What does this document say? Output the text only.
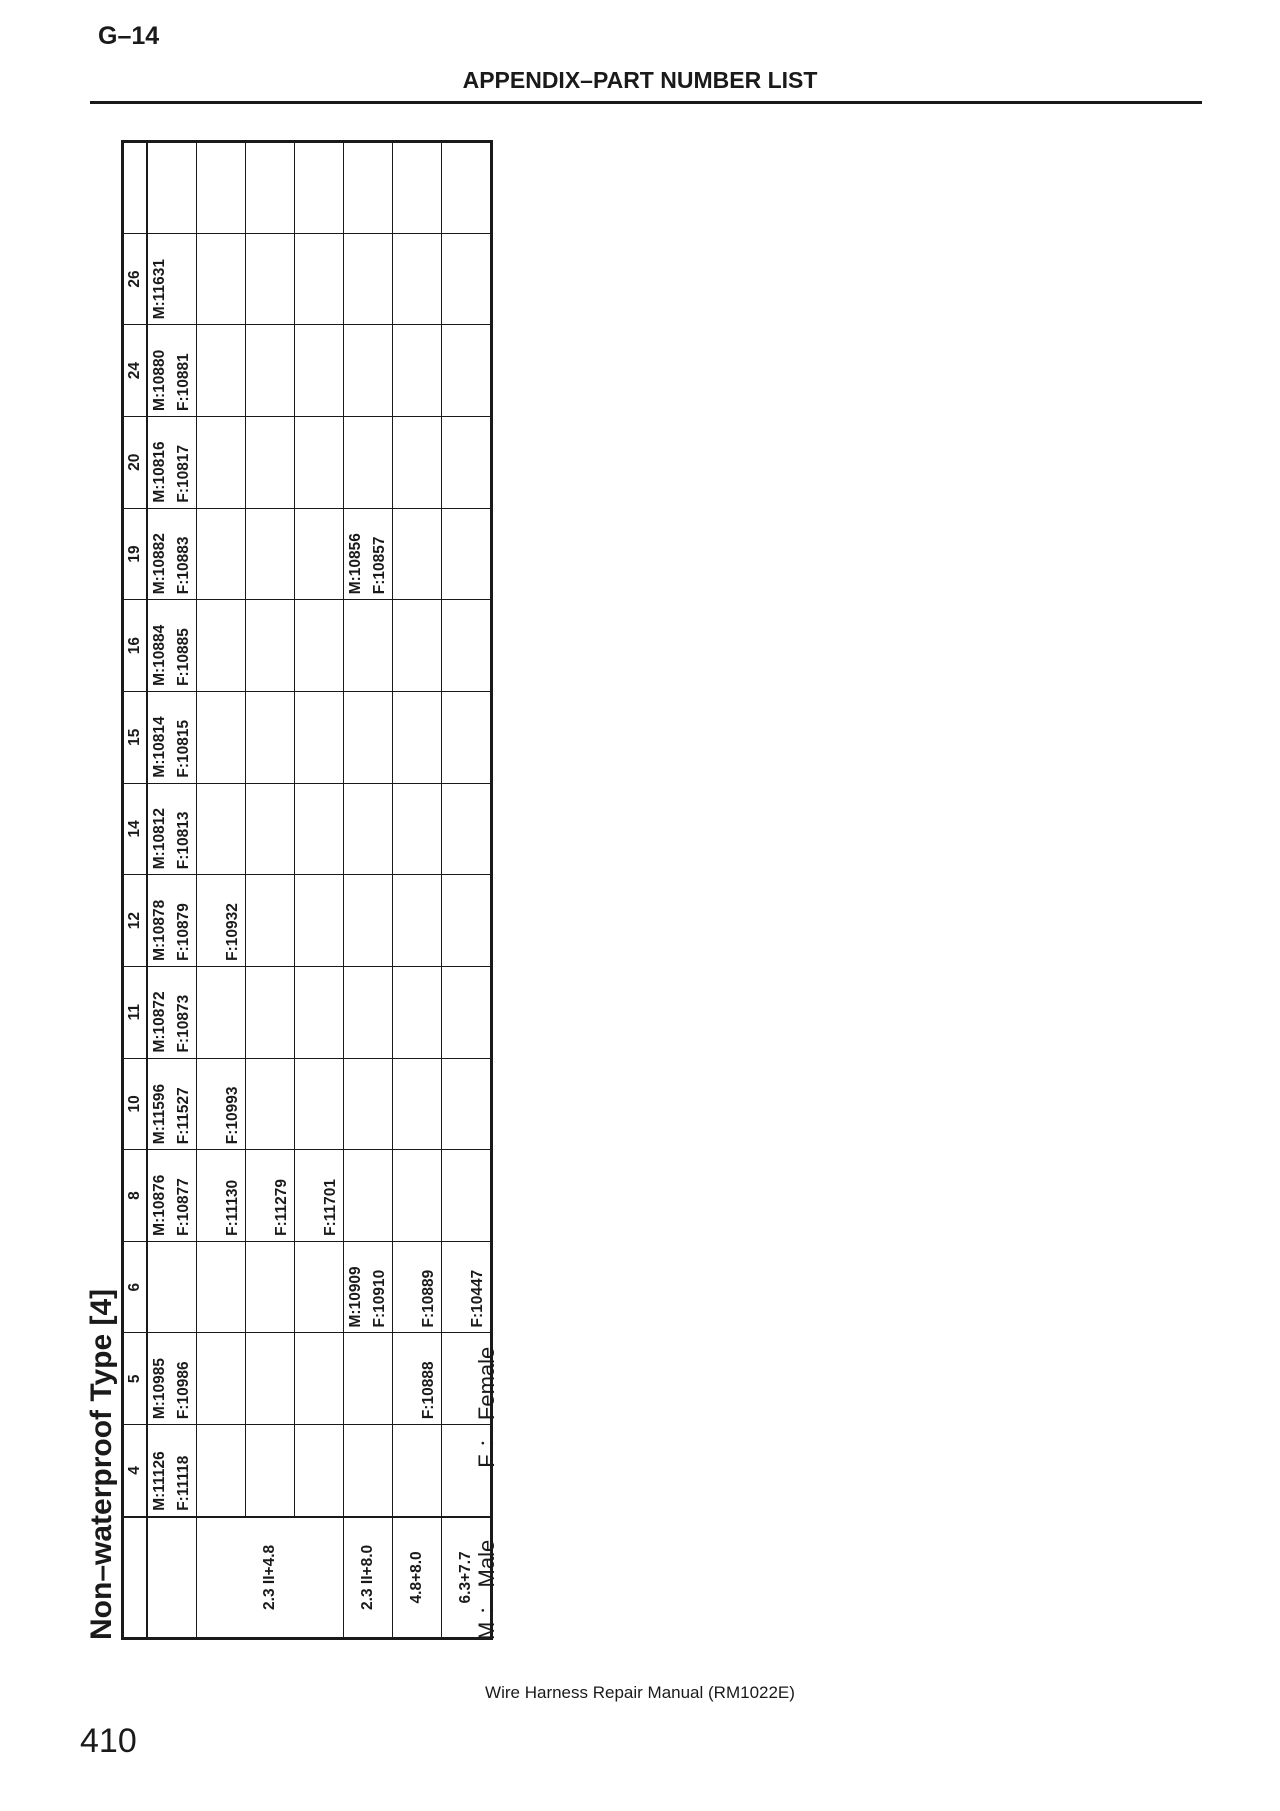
G–14
APPENDIX–PART NUMBER LIST
Non–waterproof Type [4]
	4	5	6	8	10	11	12	14	15	16	19	20	24	26	

	M:11126 F:11118	M:10985 F:10986		M:10876 F:10877	M:11596 F:11527	M:10872 F:10873	M:10878 F:10879	M:10812 F:10813	M:10814 F:10815	M:10884 F:10885	M:10882 F:10883	M:10816 F:10817	M:10880 F:10881	M:11631	

2.3 II+4.8				F:11130	F:10993		F:10932								

				F:11279											

				F:11701											

2.3 II+8.0			M:10909 F:10910								M:10856 F:10857				

4.8+8.0		F:10888	F:10889												

6.3+7.7			F:10447												

M ： MaleF ： Female
Wire Harness Repair Manual (RM1022E)
410
